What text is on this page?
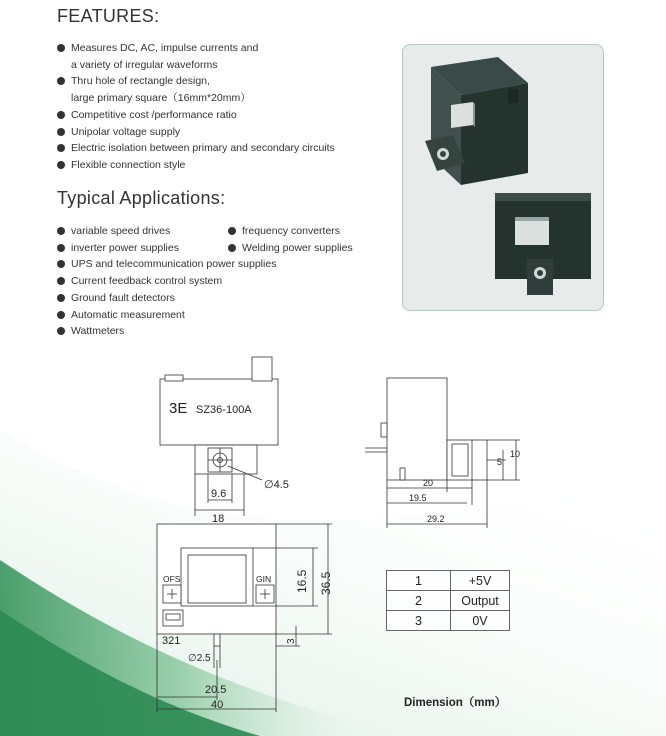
FEATURES:
Measures DC, AC, impulse currents and
a variety of irregular waveforms
Thru hole of rectangle design,
large primary square（16mm*20mm）
Competitive cost /performance ratio
Unipolar voltage supply
Electric isolation between primary and secondary circuits
Flexible connection style
Typical Applications:
variable speed drives	frequency converters
inverter power supplies	Welding power supplies
UPS and telecommunication power supplies
Current feedback control system
Ground fault detectors
Automatic measurement
Wattmeters
3E SZ36-100A
∅4.5
9.6
18
20
19.5
29.2
5
10
OFS	GIN
321
16.5 36.5
3
∅2.5
20.5
40
1	+5V
2	Output
3	0V
Dimension（mm）
